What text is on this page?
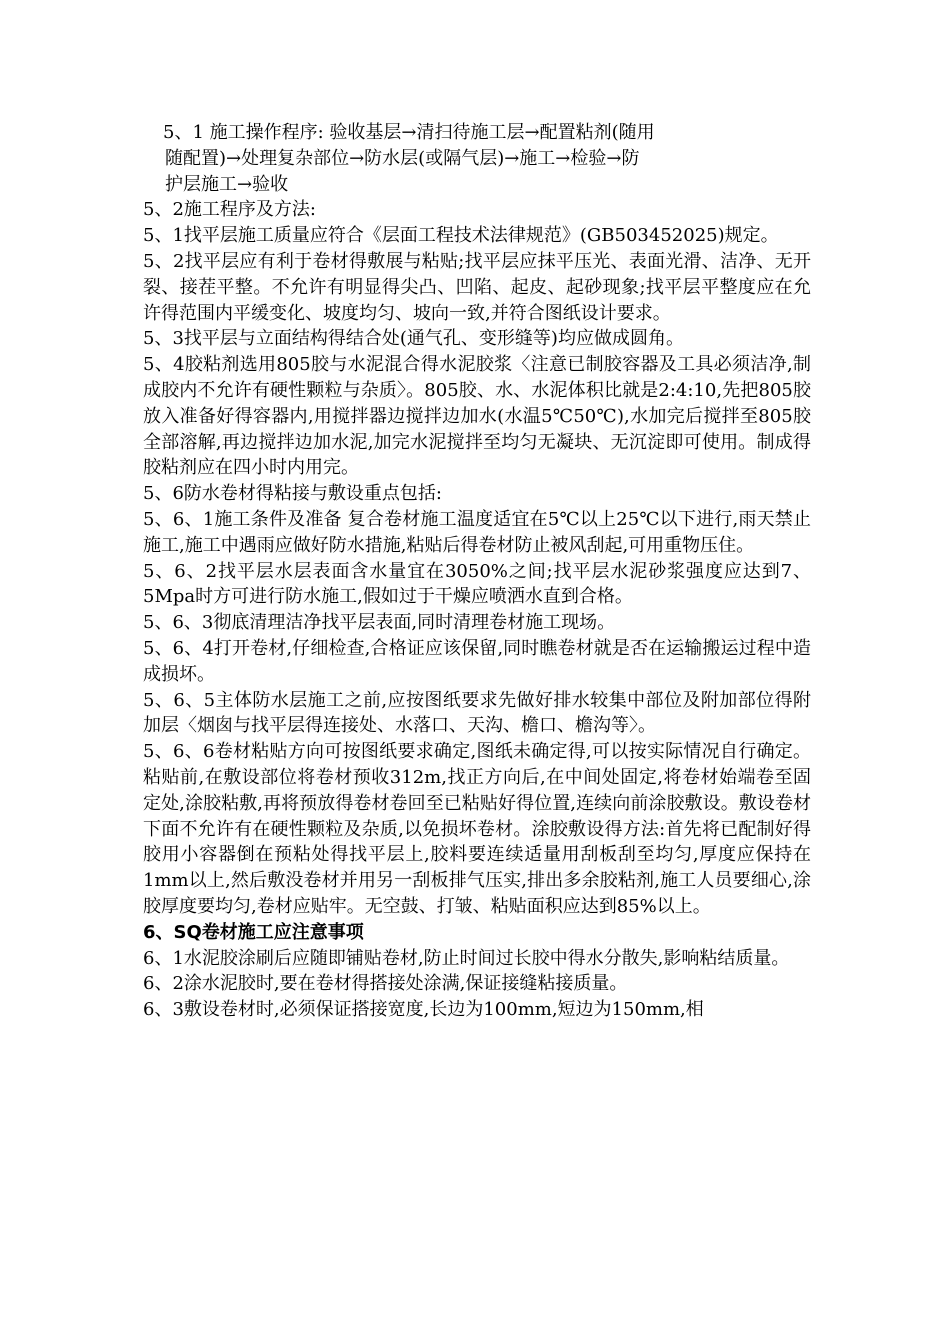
5、1 施工操作程序: 验收基层→清扫待施工层→配置粘剂(随用
随配置)→处理复杂部位→防水层(或隔气层)→施工→检验→防
护层施工→验收
5、2施工程序及方法:
5、1找平层施工质量应符合《层面工程技术法律规范》(GB503452025)规定。
5、2找平层应有利于卷材得敷展与粘贴;找平层应抹平压光、表面光滑、洁净、无开裂、接茬平整。不允许有明显得尖凸、凹陷、起皮、起砂现象;找平层平整度应在允许得范围内平缓变化、坡度均匀、坡向一致,并符合图纸设计要求。
5、3找平层与立面结构得结合处(通气孔、变形缝等)均应做成圆角。
5、4胶粘剂选用805胶与水泥混合得水泥胶浆〈注意已制胶容器及工具必须洁净,制成胶内不允许有硬性颗粒与杂质〉。805胶、水、水泥体积比就是2:4:10,先把805胶放入准备好得容器内,用搅拌器边搅拌边加水(水温5℃50℃),水加完后搅拌至805胶全部溶解,再边搅拌边加水泥,加完水泥搅拌至均匀无凝块、无沉淀即可使用。制成得胶粘剂应在四小时内用完。
5、6防水卷材得粘接与敷设重点包括:
5、6、1施工条件及准备 复合卷材施工温度适宜在5℃以上25℃以下进行,雨天禁止施工,施工中遇雨应做好防水措施,粘贴后得卷材防止被风刮起,可用重物压住。
5、6、2找平层水层表面含水量宜在3050%之间;找平层水泥砂浆强度应达到7、5Mpa时方可进行防水施工,假如过于干燥应喷洒水直到合格。
5、6、3彻底清理洁净找平层表面,同时清理卷材施工现场。
5、6、4打开卷材,仔细检查,合格证应该保留,同时瞧卷材就是否在运输搬运过程中造成损坏。
5、6、5主体防水层施工之前,应按图纸要求先做好排水较集中部位及附加部位得附加层〈烟囱与找平层得连接处、水落口、天沟、檐口、檐沟等〉。
5、6、6卷材粘贴方向可按图纸要求确定,图纸未确定得,可以按实际情况自行确定。粘贴前,在敷设部位将卷材预收312m,找正方向后,在中间处固定,将卷材始端卷至固定处,涂胶粘敷,再将预放得卷材卷回至已粘贴好得位置,连续向前涂胶敷设。敷设卷材下面不允许有在硬性颗粒及杂质,以免损坏卷材。涂胶敷设得方法:首先将已配制好得胶用小容器倒在预粘处得找平层上,胶料要连续适量用刮板刮至均匀,厚度应保持在1mm以上,然后敷没卷材并用另一刮板排气压实,排出多余胶粘剂,施工人员要细心,涂胶厚度要均匀,卷材应贴牢。无空鼓、打皱、粘贴面积应达到85%以上。
6、SQ卷材施工应注意事项
6、1水泥胶涂刷后应随即铺贴卷材,防止时间过长胶中得水分散失,影响粘结质量。
6、2涂水泥胶时,要在卷材得搭接处涂满,保证接缝粘接质量。
6、3敷设卷材时,必须保证搭接宽度,长边为100mm,短边为150mm,相
